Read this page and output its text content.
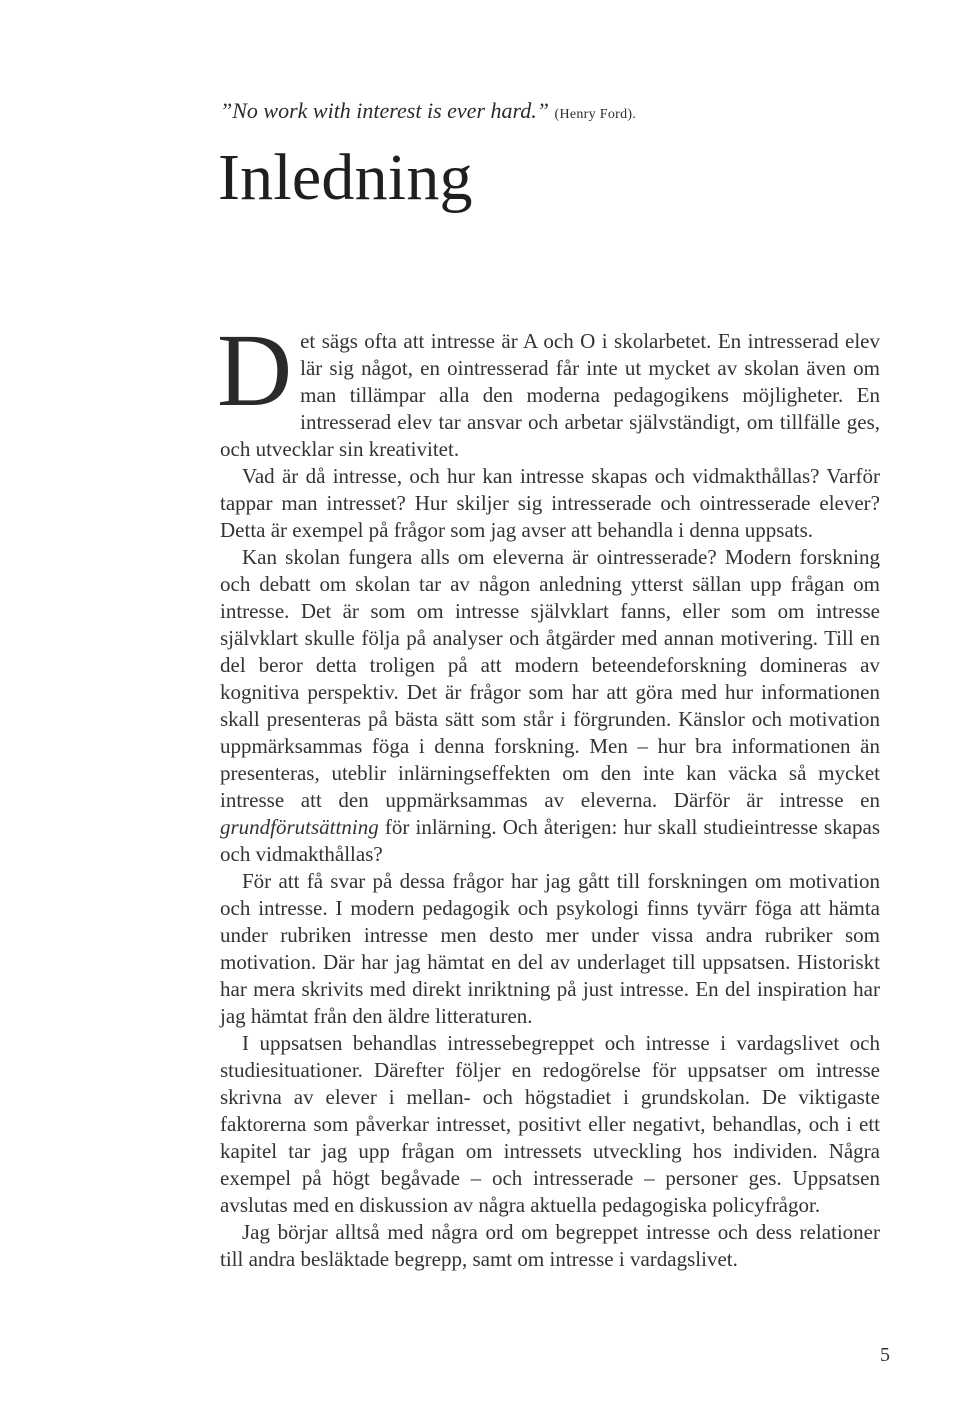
”No work with interest is ever hard.” (Henry Ford).
Inledning

Det sägs ofta att intresse är A och O i skolarbetet. En intresserad elev lär sig något, en ointresserad får inte ut mycket av skolan även om man tillämpar alla den moderna pedagogikens möjligheter. En intresserad elev tar ansvar och arbetar självständigt, om tillfälle ges, och utvecklar sin kreativitet.

Vad är då intresse, och hur kan intresse skapas och vidmakthållas? Varför tappar man intresset? Hur skiljer sig intresserade och ointresserade elever? Detta är exempel på frågor som jag avser att behandla i denna uppsats.

Kan skolan fungera alls om eleverna är ointresserade? Modern forskning och debatt om skolan tar av någon anledning ytterst sällan upp frågan om intresse. Det är som om intresse självklart fanns, eller som om intresse självklart skulle följa på analyser och åtgärder med annan motivering. Till en del beror detta troligen på att modern beteendeforskning domineras av kognitiva perspektiv. Det är frågor som har att göra med hur informationen skall presenteras på bästa sätt som står i förgrunden. Känslor och motivation uppmärksammas föga i denna forskning. Men – hur bra informationen än presenteras, uteblir inlärningseffekten om den inte kan väcka så mycket intresse att den uppmärksammas av eleverna. Därför är intresse en grundförutsättning för inlärning. Och återigen: hur skall studieintresse skapas och vidmakthållas?

För att få svar på dessa frågor har jag gått till forskningen om motivation och intresse. I modern pedagogik och psykologi finns tyvärr föga att hämta under rubriken intresse men desto mer under vissa andra rubriker som motivation. Där har jag hämtat en del av underlaget till uppsatsen. Historiskt har mera skrivits med direkt inriktning på just intresse. En del inspiration har jag hämtat från den äldre litteraturen.

I uppsatsen behandlas intressebegreppet och intresse i vardagslivet och studiesituationer. Därefter följer en redogörelse för uppsatser om intresse skrivna av elever i mellan- och högstadiet i grundskolan. De viktigaste faktorerna som påverkar intresset, positivt eller negativt, behandlas, och i ett kapitel tar jag upp frågan om intressets utveckling hos individen. Några exempel på högt begåvade – och intresserade – personer ges. Uppsatsen avslutas med en diskussion av några aktuella pedagogiska policyfrågor.

Jag börjar alltså med några ord om begreppet intresse och dess relationer till andra besläktade begrepp, samt om intresse i vardagslivet.

5
